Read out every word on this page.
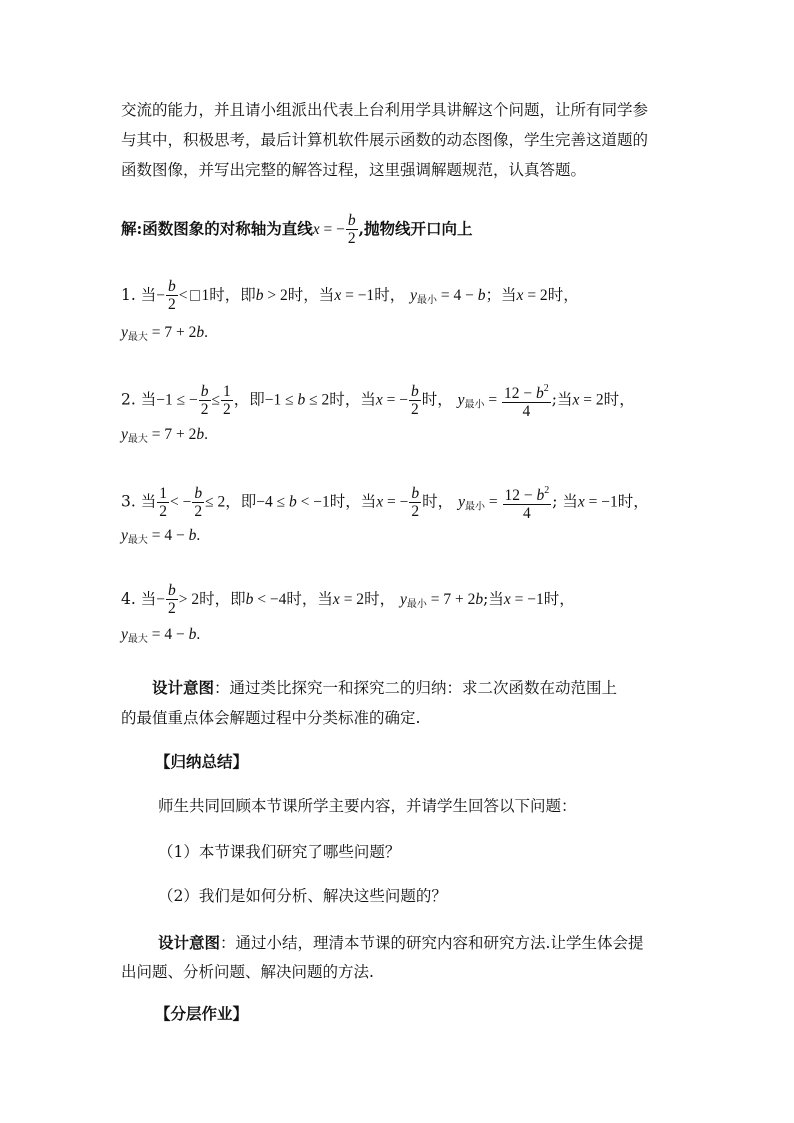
交流的能力，并且请小组派出代表上台利用学具讲解这个问题，让所有同学参
与其中，积极思考，最后计算机软件展示函数的动态图像，学生完善这道题的
函数图像，并写出完整的解答过程，这里强调解题规范，认真答题。
解:函数图象的对称轴为直线x = − $\frac{b}{2}$ ,抛物线开口向上
1. 当− $\frac{b}{2} < 1$时，即b > 2时，当x = −1时， $y_{最小} = 4 - b$；当x = 2时，
$y_{最大} = 7 + 2b$.
2. 当−1 ≤ − $\frac{b}{2} \le \frac{1}{2}$ ，即−1 ≤ b ≤ 2时，当x = − $\frac{b}{2}$ 时， $y_{最小} = \frac{12 - b^2}{4}$ ;当x = 2时，
$y_{最大} = 7 + 2b$.
3. 当 $\frac{1}{2}$ < − $\frac{b}{2} \le 2$，即−4 ≤ b < −1时，当x = − $\frac{b}{2}$ 时， $y_{最小} = \frac{12 - b^2}{4}$ ; 当x = −1时，
$y_{最大} = 4 - b$.
4. 当− $\frac{b}{2} > 2$时，即b < −4时，当x = 2时， $y_{最小} = 7 + 2b$;当x = −1时，
$y_{最大} = 4 - b$.
设计意图：通过类比探究一和探究二的归纳：求二次函数在动范围上
的最值重点体会解题过程中分类标准的确定.
【归纳总结】
师生共同回顾本节课所学主要内容，并请学生回答以下问题：
（1）本节课我们研究了哪些问题？
（2）我们是如何分析、解决这些问题的？
设计意图：通过小结，理清本节课的研究内容和研究方法.让学生体会提
出问题、分析问题、解决问题的方法.
【分层作业】
